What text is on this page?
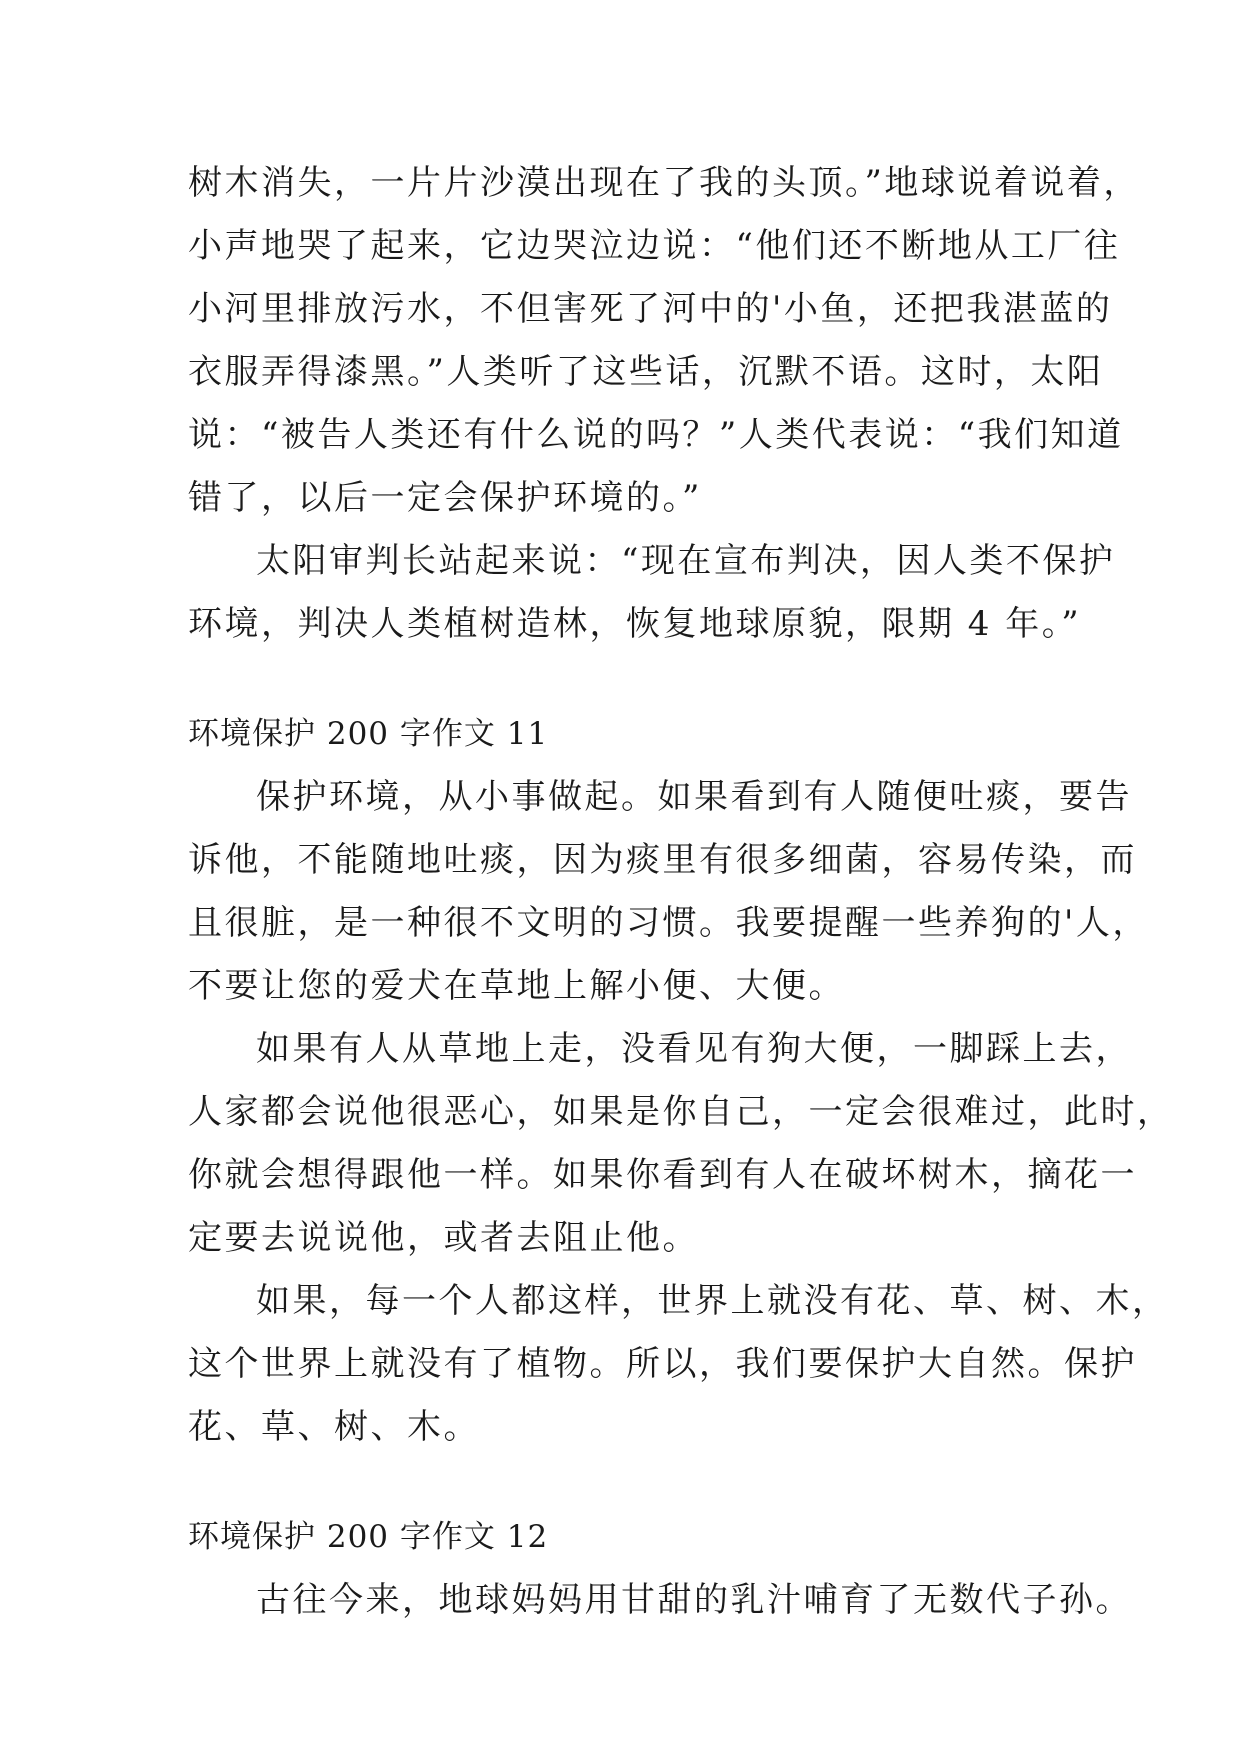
树木消失，一片片沙漠出现在了我的头顶。”地球说着说着，
小声地哭了起来，它边哭泣边说：“他们还不断地从工厂往
小河里排放污水，不但害死了河中的'小鱼，还把我湛蓝的
衣服弄得漆黑。”人类听了这些话，沉默不语。这时，太阳
说：“被告人类还有什么说的吗？”人类代表说：“我们知道
错了，以后一定会保护环境的。”
太阳审判长站起来说：“现在宣布判决，因人类不保护
环境，判决人类植树造林，恢复地球原貌，限期 4 年。”
环境保护 200 字作文 11
保护环境，从小事做起。如果看到有人随便吐痰，要告
诉他，不能随地吐痰，因为痰里有很多细菌，容易传染，而
且很脏，是一种很不文明的习惯。我要提醒一些养狗的'人，
不要让您的爱犬在草地上解小便、大便。
如果有人从草地上走，没看见有狗大便，一脚踩上去，
人家都会说他很恶心，如果是你自己，一定会很难过，此时，
你就会想得跟他一样。如果你看到有人在破坏树木，摘花一
定要去说说他，或者去阻止他。
如果，每一个人都这样，世界上就没有花、草、树、木，
这个世界上就没有了植物。所以，我们要保护大自然。保护
花、草、树、木。
环境保护 200 字作文 12
古往今来，地球妈妈用甘甜的乳汁哺育了无数代子孙。
